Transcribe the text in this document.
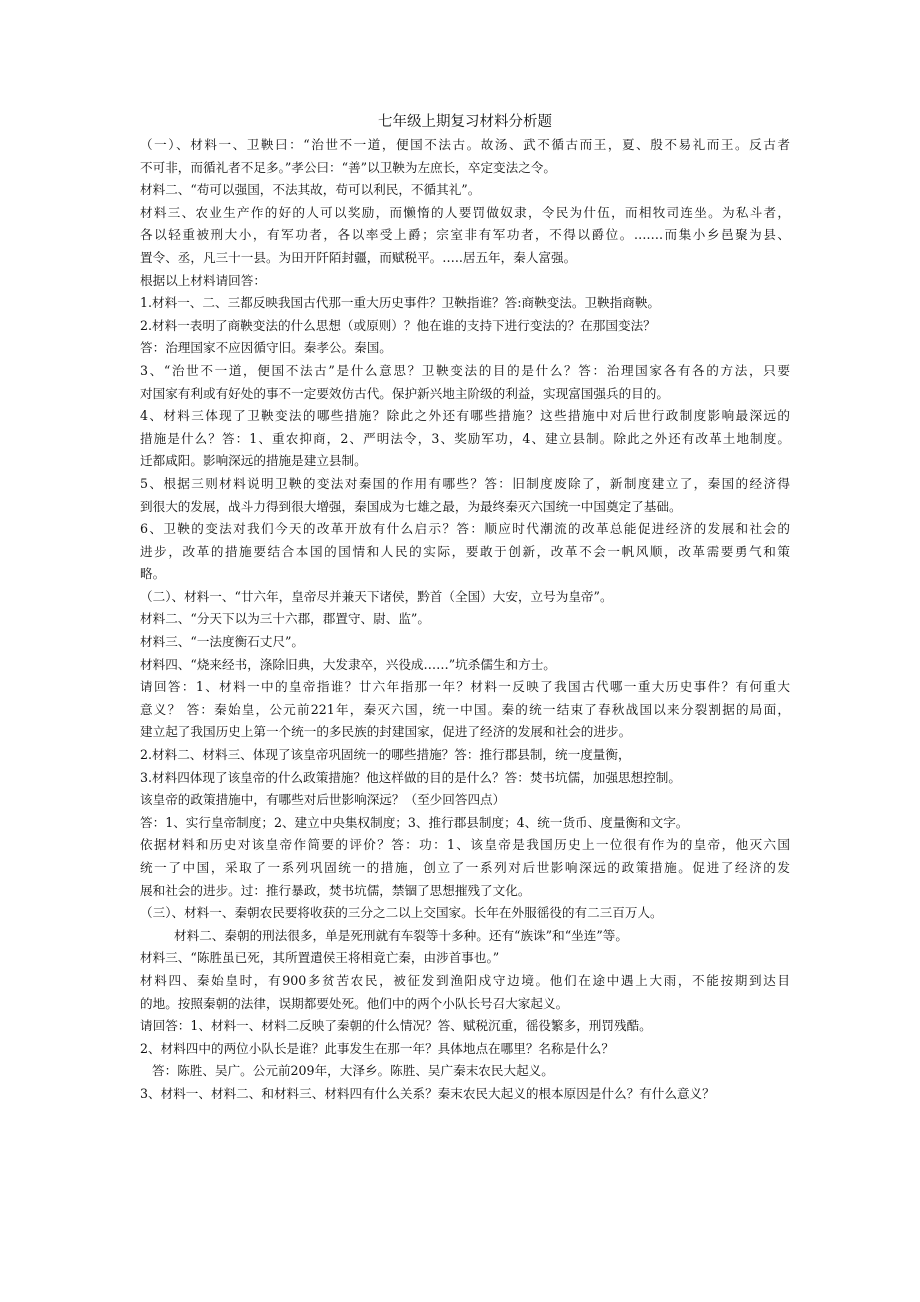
七年级上期复习材料分析题

（一）、材料一、卫鞅曰：“治世不一道，便国不法古。故汤、武不循古而王，夏、殷不易礼而王。反古者

不可非，而循礼者不足多。”孝公曰：“善”以卫鞅为左庶长，卒定变法之令。

材料二、“苟可以强国，不法其故，苟可以利民，不循其礼”。

材料三、农业生产作的好的人可以奖励，而懒惰的人要罚做奴隶，令民为什伍，而相牧司连坐。为私斗者，

各以轻重被刑大小，有军功者，各以率受上爵；宗室非有军功者，不得以爵位。…….而集小乡邑聚为县、

置令、丞，凡三十一县。为田开阡陌封疆，而赋税平。…..居五年，秦人富强。

根据以上材料请回答：

1.材料一、二、三都反映我国古代那一重大历史事件？卫鞅指谁？答:商鞅变法。卫鞅指商鞅。

2.材料一表明了商鞅变法的什么思想（或原则）？他在谁的支持下进行变法的？在那国变法？

答：治理国家不应因循守旧。秦孝公。秦国。

3、“治世不一道，便国不法古”是什么意思？卫鞅变法的目的是什么？答：治理国家各有各的方法，只要

对国家有利或有好处的事不一定要效仿古代。保护新兴地主阶级的利益，实现富国强兵的目的。

4、材料三体现了卫鞅变法的哪些措施？除此之外还有哪些措施？这些措施中对后世行政制度影响最深远的

措施是什么？答：1、重农抑商，2、严明法令，3、奖励军功，4、建立县制。除此之外还有改革土地制度。

迁都咸阳。影响深远的措施是建立县制。

5、根据三则材料说明卫鞅的变法对秦国的作用有哪些？答：旧制度废除了，新制度建立了，秦国的经济得

到很大的发展，战斗力得到很大增强，秦国成为七雄之最，为最终秦灭六国统一中国奠定了基础。

6、卫鞅的变法对我们今天的改革开放有什么启示？答：顺应时代潮流的改革总能促进经济的发展和社会的

进步，改革的措施要结合本国的国情和人民的实际，要敢于创新，改革不会一帆风顺，改革需要勇气和策

略。

（二）、材料一、“廿六年，皇帝尽并兼天下诸侯，黔首（全国）大安，立号为皇帝”。

材料二、“分天下以为三十六郡，郡置守、尉、监”。

材料三、“一法度衡石丈尺”。

材料四、“烧来经书，涤除旧典，大发隶卒，兴役成……”坑杀儒生和方士。

请回答：1、材料一中的皇帝指谁？廿六年指那一年？材料一反映了我国古代哪一重大历史事件？有何重大

意义？ 答：秦始皇，公元前221年，秦灭六国，统一中国。秦的统一结束了春秋战国以来分裂割据的局面，

建立起了我国历史上第一个统一的多民族的封建国家，促进了经济的发展和社会的进步。

2.材料二、材料三、体现了该皇帝巩固统一的哪些措施？答：推行郡县制，统一度量衡，

3.材料四体现了该皇帝的什么政策措施？他这样做的目的是什么？答：焚书坑儒，加强思想控制。

该皇帝的政策措施中，有哪些对后世影响深远？（至少回答四点）

答：1、实行皇帝制度；2、建立中央集权制度；3、推行郡县制度；4、统一货币、度量衡和文字。

依据材料和历史对该皇帝作简要的评价？答：功：1、该皇帝是我国历史上一位很有作为的皇帝，他灭六国

统一了中国，采取了一系列巩固统一的措施，创立了一系列对后世影响深远的政策措施。促进了经济的发

展和社会的进步。过：推行暴政，焚书坑儒，禁锢了思想摧残了文化。

（三）、材料一、秦朝农民要将收获的三分之二以上交国家。长年在外服徭役的有二三百万人。

材料二、秦朝的刑法很多，单是死刑就有车裂等十多种。还有“族诛”和“坐连”等。

材料三、“陈胜虽已死，其所置遣侯王将相竟亡秦，由涉首事也。”

材料四、秦始皇时，有900多贫苦农民，被征发到渔阳戍守边境。他们在途中遇上大雨，不能按期到达目

的地。按照秦朝的法律，误期都要处死。他们中的两个小队长号召大家起义。

请回答：1、材料一、材料二反映了秦朝的什么情况？答、赋税沉重，徭役繁多，刑罚残酷。

2、材料四中的两位小队长是谁？此事发生在那一年？具体地点在哪里？名称是什么？

答：陈胜、吴广。公元前209年，大泽乡。陈胜、吴广秦末农民大起义。

3、材料一、材料二、和材料三、材料四有什么关系？秦末农民大起义的根本原因是什么？有什么意义？
